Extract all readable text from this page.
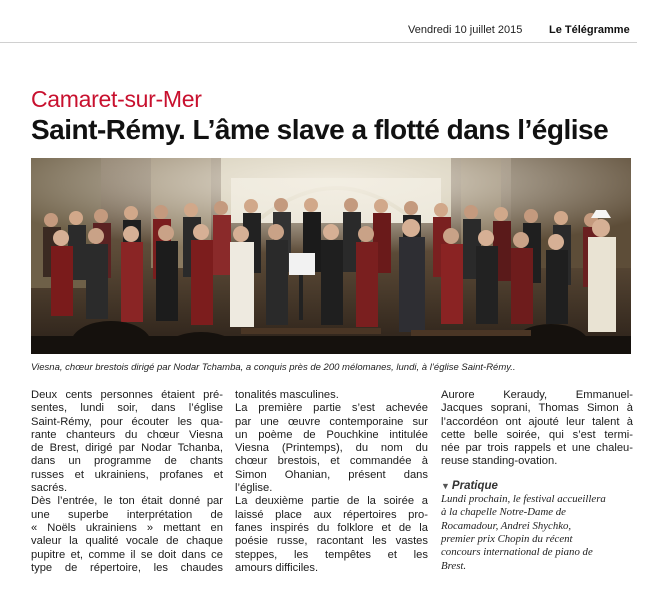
Vendredi 10 juillet 2015 Le Télégramme
Camaret-sur-Mer
Saint-Rémy. L’âme slave a flotté dans l’église
Viesna, chœur brestois dirigé par Nodar Tchamba, a conquis près de 200 mélomanes, lundi, à l’église Saint-Rémy..
Deux cents personnes étaient pré-
sentes, lundi soir, dans l’église
Saint-Rémy, pour écouter les qua-
rante chanteurs du chœur Viesna
de Brest, dirigé par Nodar Tchanba,
dans un programme de chants
russes et ukrainiens, profanes et
sacrés.
Dès l’entrée, le ton était donné par
une superbe interprétation de
« Noëls ukrainiens » mettant en
valeur la qualité vocale de chaque
pupitre et, comme il se doit dans ce
type de répertoire, les chaudes
tonalités masculines.
La première partie s’est achevée
par une œuvre contemporaine sur
un poème de Pouchkine intitulée
Viesna (Printemps), du nom du
chœur brestois, et commandée à
Simon Ohanian, présent dans
l’église.
La deuxième partie de la soirée a
laissé place aux répertoires pro-
fanes inspirés du folklore et de la
poésie russe, racontant les vastes
steppes, les tempêtes et les
amours difficiles.
Aurore Keraudy, Emmanuel-
Jacques soprani, Thomas Simon à
l’accordéon ont ajouté leur talent à
cette belle soirée, qui s’est termi-
née par trois rappels et une chaleu-
reuse standing-ovation.
▼ Pratique
Lundi prochain, le festival accueillera
à la chapelle Notre-Dame de
Rocamadour, Andrei Shychko,
premier prix Chopin du récent
concours international de piano de
Brest.
